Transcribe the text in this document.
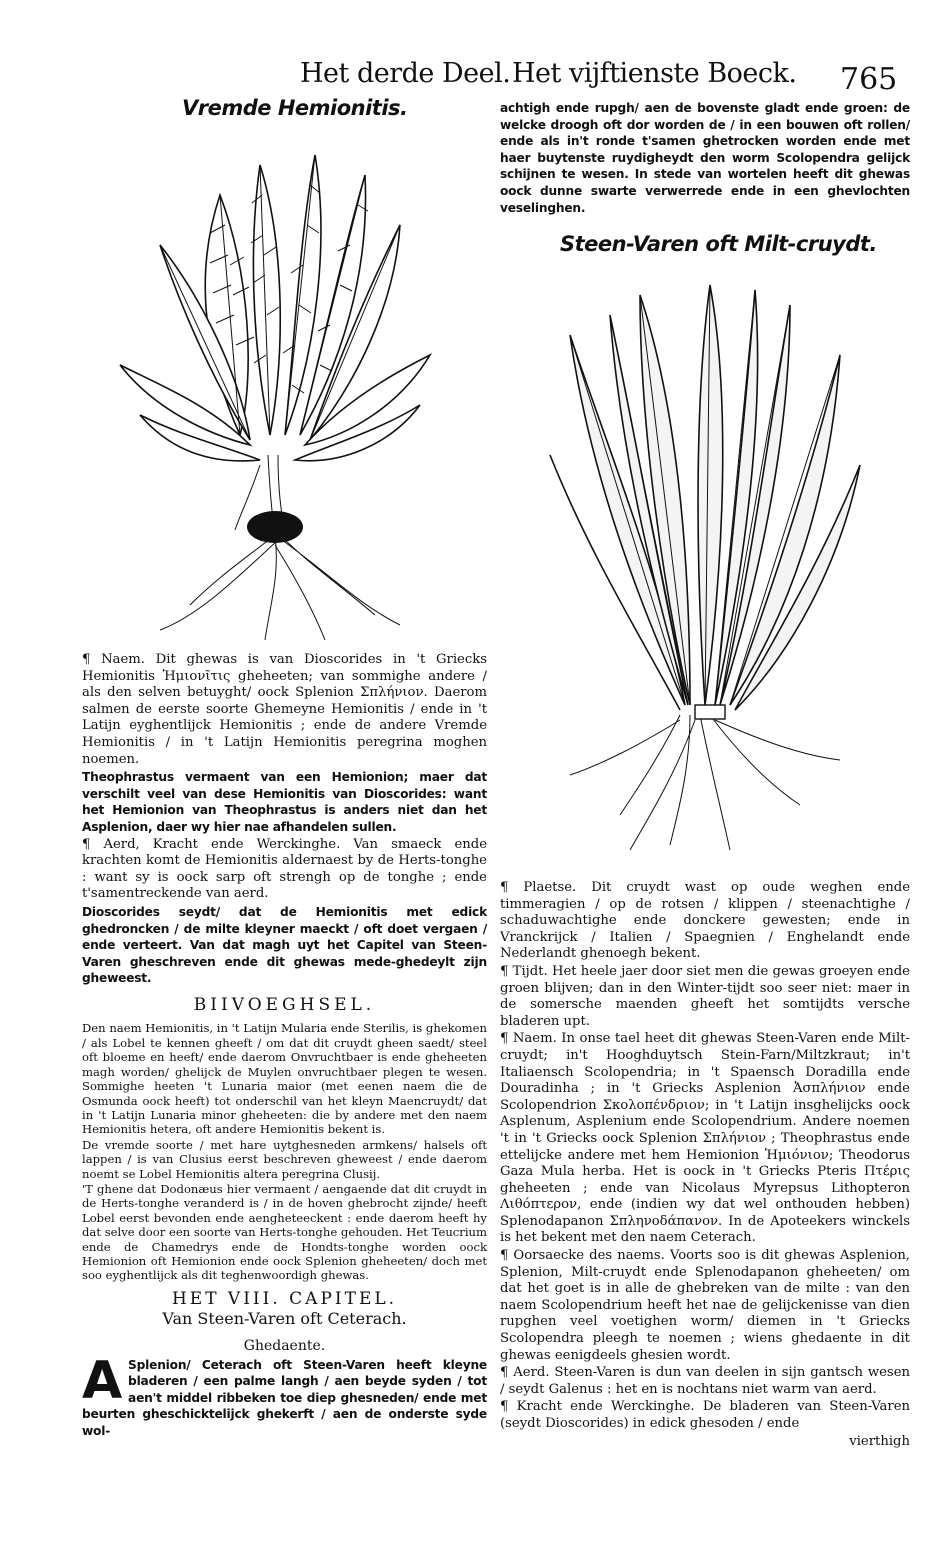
Het derde Deel. Het vijftienste Boeck. 765
Vremde Hemionitis.	achtigh ende rupgh/ aen de bovenste gladt ende groen: de welcke droogh oft dor worden de / in een bouwen oft rollen/ ende als in't ronde t'samen ghetrocken worden ende met haer buytenste ruydigheydt den worm Scolopendra gelijck schijnen te wesen. In stede van wortelen heeft dit ghewas oock dunne swarte verwerrede ende in een ghevlochten veselinghen.

Steen-Varen oft Milt-cruydt.

¶ Naem. Dit ghewas is van Dioscorides in 't Griecks Hemionitis Ἡμιονῖτις gheheeten; van sommighe andere / als den selven betuyght/ oock Splenion Σπλήνιον. Daerom salmen de eerste soorte Ghemeyne Hemionitis / ende in 't Latijn eyghentlijck Hemionitis ; ende de andere Vremde Hemionitis / in 't Latijn Hemionitis peregrina moghen noemen.

Theophrastus vermaent van een Hemionion; maer dat verschilt veel van dese Hemionitis van Dioscorides: want het Hemionion van Theophrastus is anders niet dan het Asplenion, daer wy hier nae afhandelen sullen.

¶ Aerd, Kracht ende Werckinghe. Van smaeck ende krachten komt de Hemionitis aldernaest by de Herts-tonghe : want sy is oock sarp oft strengh op de tonghe ; ende t'samentreckende van aerd.

Dioscorides seydt/ dat de Hemionitis met edick ghedroncken / de milte kleyner maeckt / oft doet vergaen / ende verteert. Van dat magh uyt het Capitel van Steen-Varen gheschreven ende dit ghewas mede-ghedeylt zijn gheweest.

BIIVOEGHSEL.

Den naem Hemionitis, in 't Latijn Mularia ende Sterilis, is ghekomen / als Lobel te kennen gheeft / om dat dit cruydt gheen saedt/ steel oft bloeme en heeft/ ende daerom Onvruchtbaer is ende gheheeten magh worden/ ghelijck de Muylen onvruchtbaer plegen te wesen. Sommighe heeten 't Lunaria maior (met eenen naem die de Osmunda oock heeft) tot onderschil van het kleyn Maencruydt/ dat in 't Latijn Lunaria minor gheheeten: die by andere met den naem Hemionitis hetera, oft andere Hemionitis bekent is.

De vremde soorte / met hare uytghesneden armkens/ halsels oft lappen / is van Clusius eerst beschreven gheweest / ende daerom noemt se Lobel Hemionitis altera peregrina Clusij.

'T ghene dat Dodonæus hier vermaent / aengaende dat dit cruydt in de Herts-tonghe veranderd is / in de hoven ghebrocht zijnde/ heeft Lobel eerst bevonden ende aengheteeckent : ende daerom heeft hy dat selve door een soorte van Herts-tonghe gehouden. Het Teucrium ende de Chamedrys ende de Hondts-tonghe worden oock Hemionion oft Hemionion ende oock Splenion gheheeten/ doch met soo eyghentlijck als dit teghenwoordigh ghewas.

HET VIII. CAPITEL.
Van Steen-Varen oft Ceterach.
Ghedaente.

A Splenion/ Ceterach oft Steen-Varen heeft kleyne bladeren / een palme langh / aen beyde syden / tot aen't middel ribbeken toe diep ghesneden/ ende met beurten gheschicktelijck ghekerft / aen de onderste syde wol-

¶ Plaetse. Dit cruydt wast op oude weghen ende timmeragien / op de rotsen / klippen / steenachtighe / schaduwachtighe ende donckere gewesten; ende in Vranckrijck / Italien / Spaegnien / Enghelandt ende Nederlandt ghenoegh bekent.

¶ Tijdt. Het heele jaer door siet men die gewas groeyen ende groen blijven; dan in den Winter-tijdt soo seer niet: maer in de somersche maenden gheeft het somtijdts versche bladeren upt.

¶ Naem. In onse tael heet dit ghewas Steen-Varen ende Milt-cruydt; in't Hooghduytsch Stein-Farn/Miltzkraut; in't Italiaensch Scolopendria; in 't Spaensch Doradilla ende Douradinha ; in 't Griecks Asplenion Ἀσπλήνιον ende Scolopendrion Σκολοπένδριον; in 't Latijn insghelijcks oock Asplenum, Asplenium ende Scolopendrium. Andere noemen 't in 't Griecks oock Splenion Σπλήνιον ; Theophrastus ende ettelijcke andere met hem Hemionion Ἡμιόνιον; Theodorus Gaza Mula herba. Het is oock in 't Griecks Pteris Πτέρις gheheeten ; ende van Nicolaus Myrepsus Lithopteron Λιθόπτερον, ende (indien wy dat wel onthouden hebben) Splenodapanon Σπληνοδάπανον. In de Apoteekers winckels is het bekent met den naem Ceterach.

¶ Oorsaecke des naems. Voorts soo is dit ghewas Asplenion, Splenion, Milt-cruydt ende Splenodapanon gheheeten/ om dat het goet is in alle de ghebreken van de milte : van den naem Scolopendrium heeft het nae de gelijckenisse van dien rupghen veel voetighen worm/ diemen in 't Griecks Scolopendra pleegh te noemen ; wiens ghedaente in dit ghewas eenigdeels ghesien wordt.

¶ Aerd. Steen-Varen is dun van deelen in sijn gantsch wesen / seydt Galenus : het en is nochtans niet warm van aerd.

¶ Kracht ende Werckinghe. De bladeren van Steen-Varen (seydt Dioscorides) in edick ghesoden / ende

vierthigh
